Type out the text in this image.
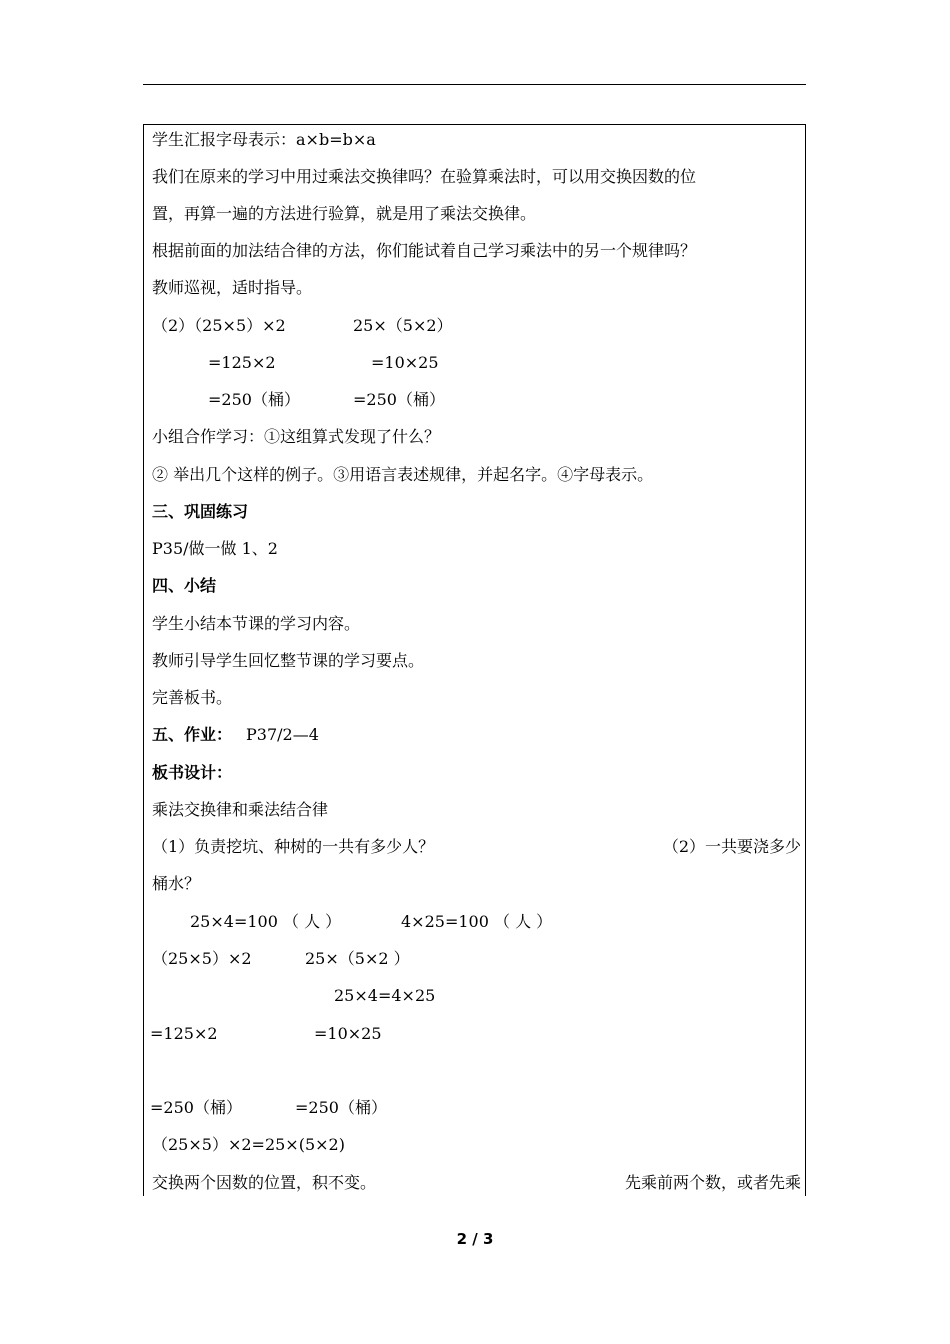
学生汇报字母表示：a×b=b×a
我们在原来的学习中用过乘法交换律吗？在验算乘法时，可以用交换因数的位
置，再算一遍的方法进行验算，就是用了乘法交换律。
根据前面的加法结合律的方法，你们能试着自己学习乘法中的另一个规律吗？
教师巡视，适时指导。
（2）（25×5）×2	25×（5×2）
=125×2	=10×25
=250（桶）	=250（桶）
小组合作学习：①这组算式发现了什么？
② 举出几个这样的例子。③用语言表述规律，并起名字。④字母表示。
三、巩固练习
P35/做一做 1、2
四、小结
学生小结本节课的学习内容。
教师引导学生回忆整节课的学习要点。
完善板书。
五、作业： P37/2—4
板书设计：
乘法交换律和乘法结合律
（1）负责挖坑、种树的一共有多少人？	（2）一共要浇多少
桶水？
25×4=100 （ 人 ）	4×25=100 （ 人 ）
（25×5）×2	25×（5×2 ）
25×4=4×25
=125×2	=10×25
=250（桶）	=250（桶）
（25×5）×2=25×(5×2)
交换两个因数的位置，积不变。	先乘前两个数，或者先乘
2 / 3
